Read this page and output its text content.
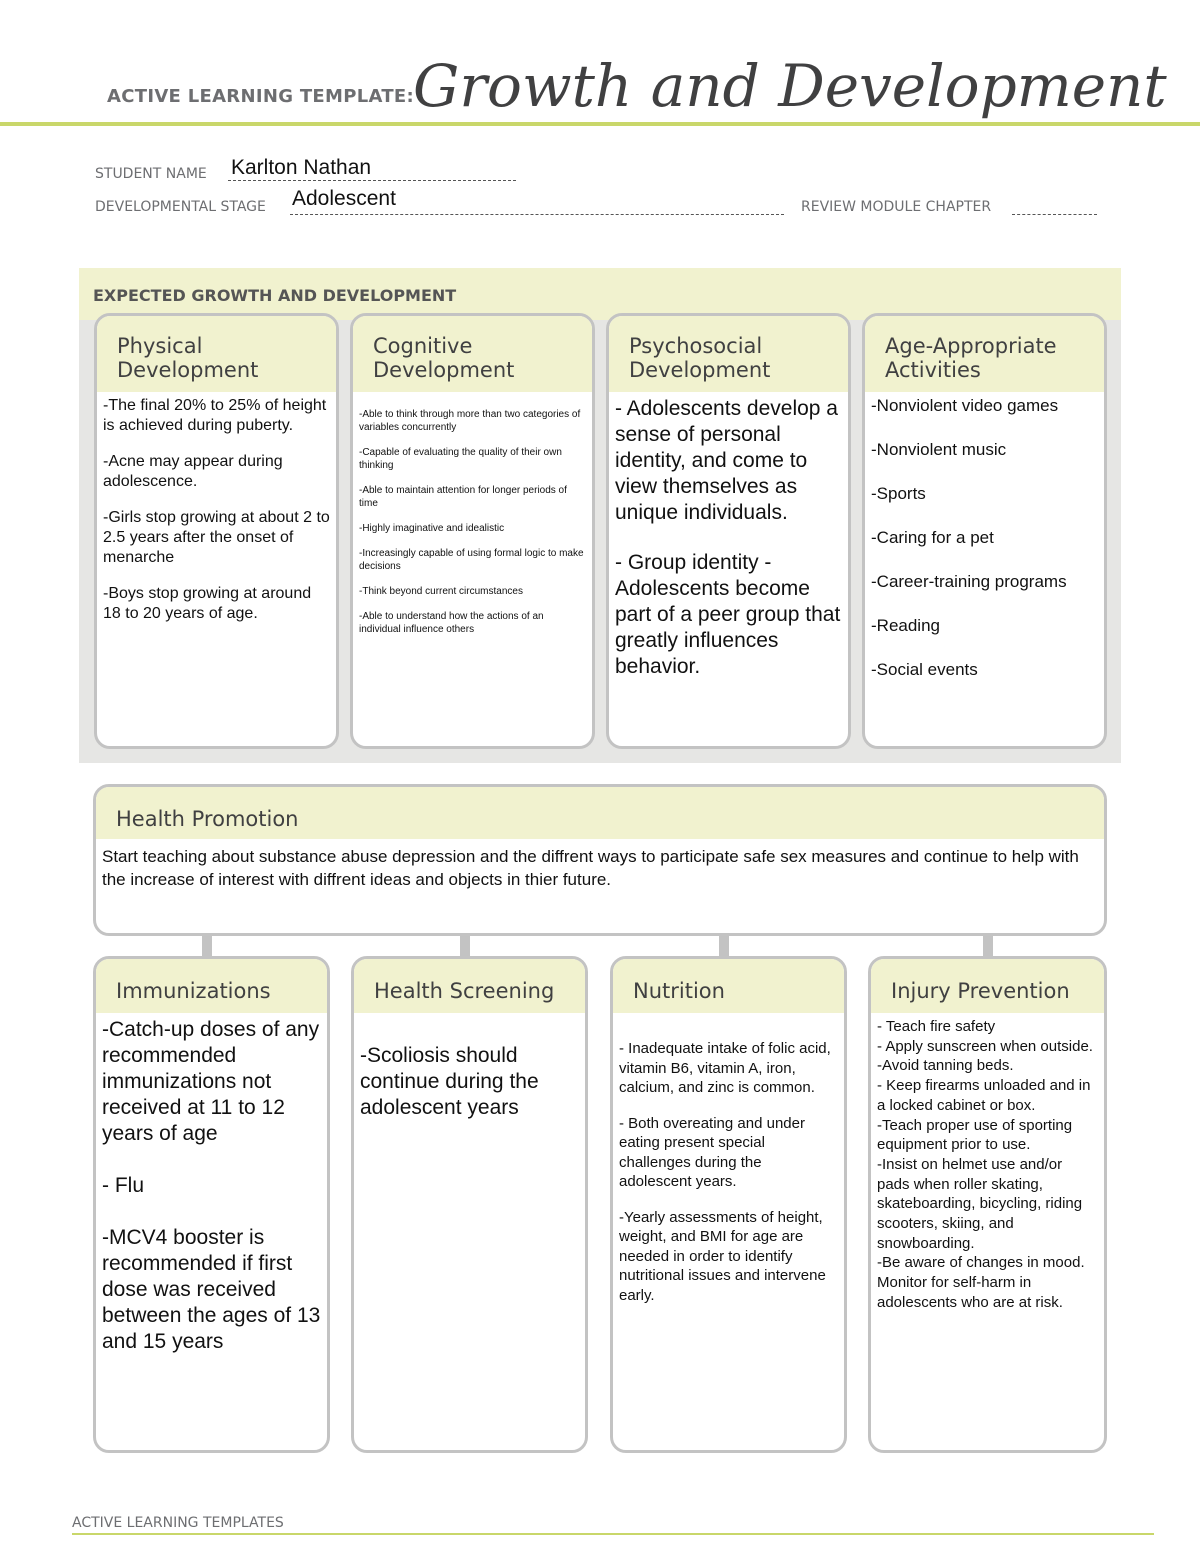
ACTIVE LEARNING TEMPLATE: Growth and Development
STUDENT NAME Karlton Nathan
DEVELOPMENTAL STAGE Adolescent	REVIEW MODULE CHAPTER
EXPECTED GROWTH AND DEVELOPMENT
Physical
Development

-The final 20% to 25% of height is achieved during puberty.

-Acne may appear during adolescence.

-Girls stop growing at about 2 to 2.5 years after the onset of menarche

-Boys stop growing at around 18 to 20 years of age.

Cognitive
Development

-Able to think through more than two categories of variables concurrently

-Capable of evaluating the quality of their own thinking

-Able to maintain attention for longer periods of time

-Highly imaginative and idealistic

-Increasingly capable of using formal logic to make decisions

-Think beyond current circumstances

-Able to understand how the actions of an individual influence others

Psychosocial
Development

- Adolescents develop a sense of personal identity, and come to view themselves as unique individuals.

- Group identity - Adolescents become part of a peer group that greatly influences behavior.

Age-Appropriate
Activities

-Nonviolent video games

-Nonviolent music

-Sports

-Caring for a pet

-Career-training programs

-Reading

-Social events

Health Promotion
Start teaching about substance abuse depression and the diffrent ways to participate safe sex measures and continue to help with the increase of interest with diffrent ideas and objects in thier future.
Immunizations

-Catch-up doses of any recommended immunizations not received at 11 to 12 years of age

- Flu

-MCV4 booster is recommended if first dose was received between the ages of 13 and 15 years

Health Screening

-Scoliosis should continue during the adolescent years

Nutrition

- Inadequate intake of folic acid, vitamin B6, vitamin A, iron, calcium, and zinc is common.

- Both overeating and under eating present special challenges during the adolescent years.

-Yearly assessments of height, weight, and BMI for age are needed in order to identify nutritional issues and intervene early.

Injury Prevention
- Teach fire safety
- Apply sunscreen when outside.
-Avoid tanning beds.
- Keep firearms unloaded and in a locked cabinet or box.
-Teach proper use of sporting equipment prior to use.
-Insist on helmet use and/or pads when roller skating, skateboarding, bicycling, riding scooters, skiing, and snowboarding.
-Be aware of changes in mood. Monitor for self-harm in adolescents who are at risk.
ACTIVE LEARNING TEMPLATES
